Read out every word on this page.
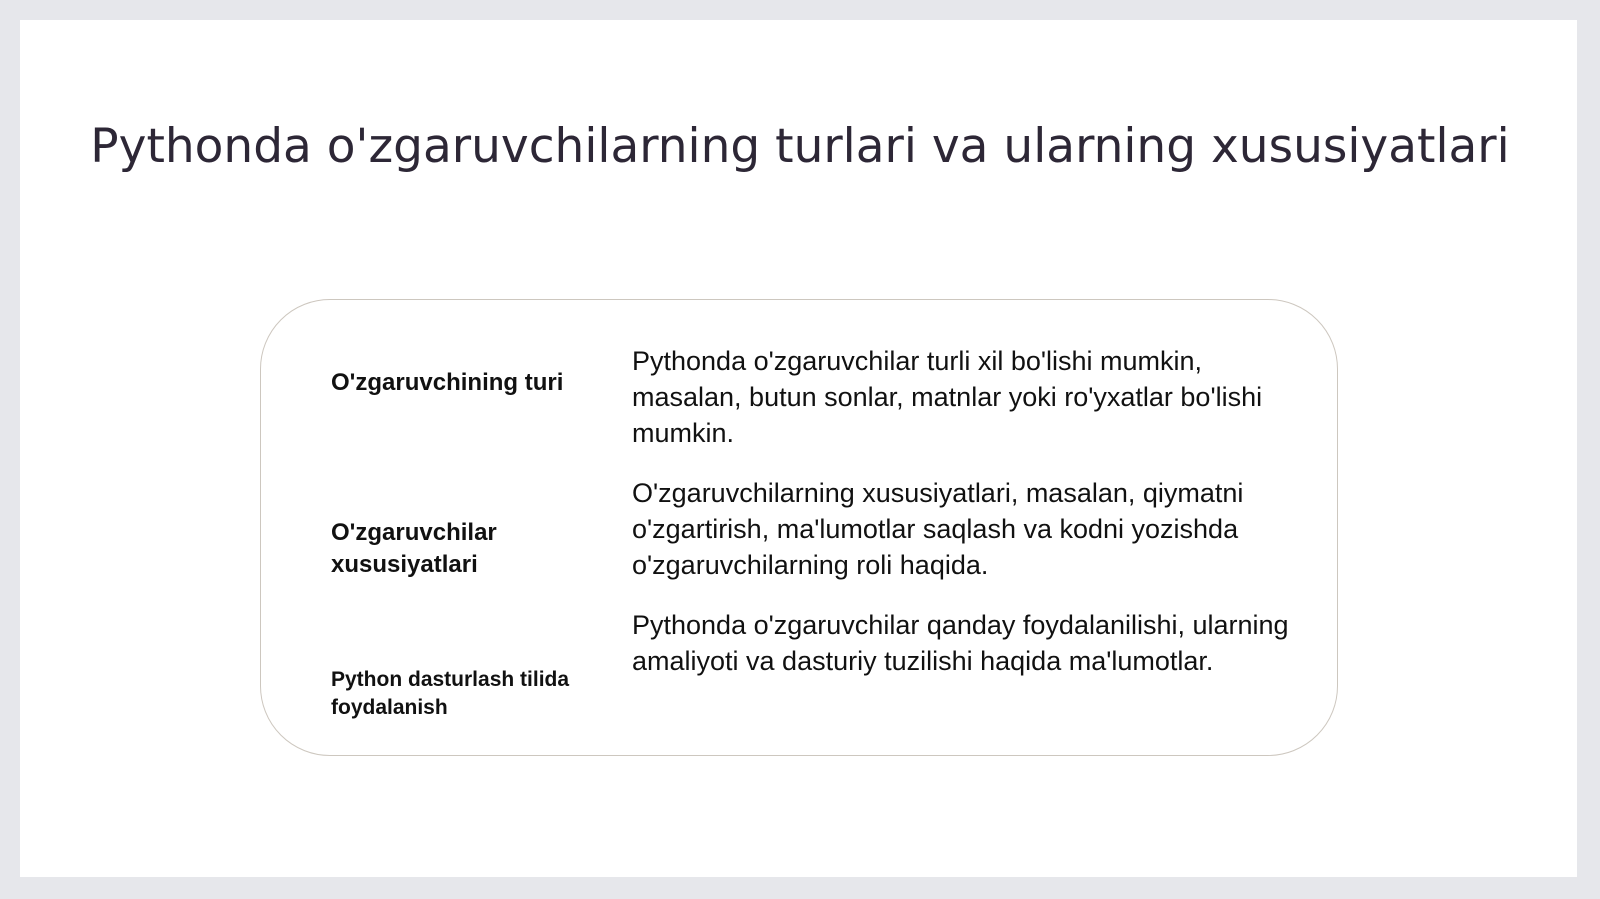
Pythonda o'zgaruvchilarning turlari va ularning xususiyatlari
O'zgaruvchining turi
Pythonda o'zgaruvchilar turli xil bo'lishi mumkin, masalan, butun sonlar, matnlar yoki ro'yxatlar bo'lishi mumkin.
O'zgaruvchilar xususiyatlari
O'zgaruvchilarning xususiyatlari, masalan, qiymatni o'zgartirish, ma'lumotlar saqlash va kodni yozishda o'zgaruvchilarning roli haqida.
Python dasturlash tilida foydalanish
Pythonda o'zgaruvchilar qanday foydalanilishi, ularning amaliyoti va dasturiy tuzilishi haqida ma'lumotlar.
